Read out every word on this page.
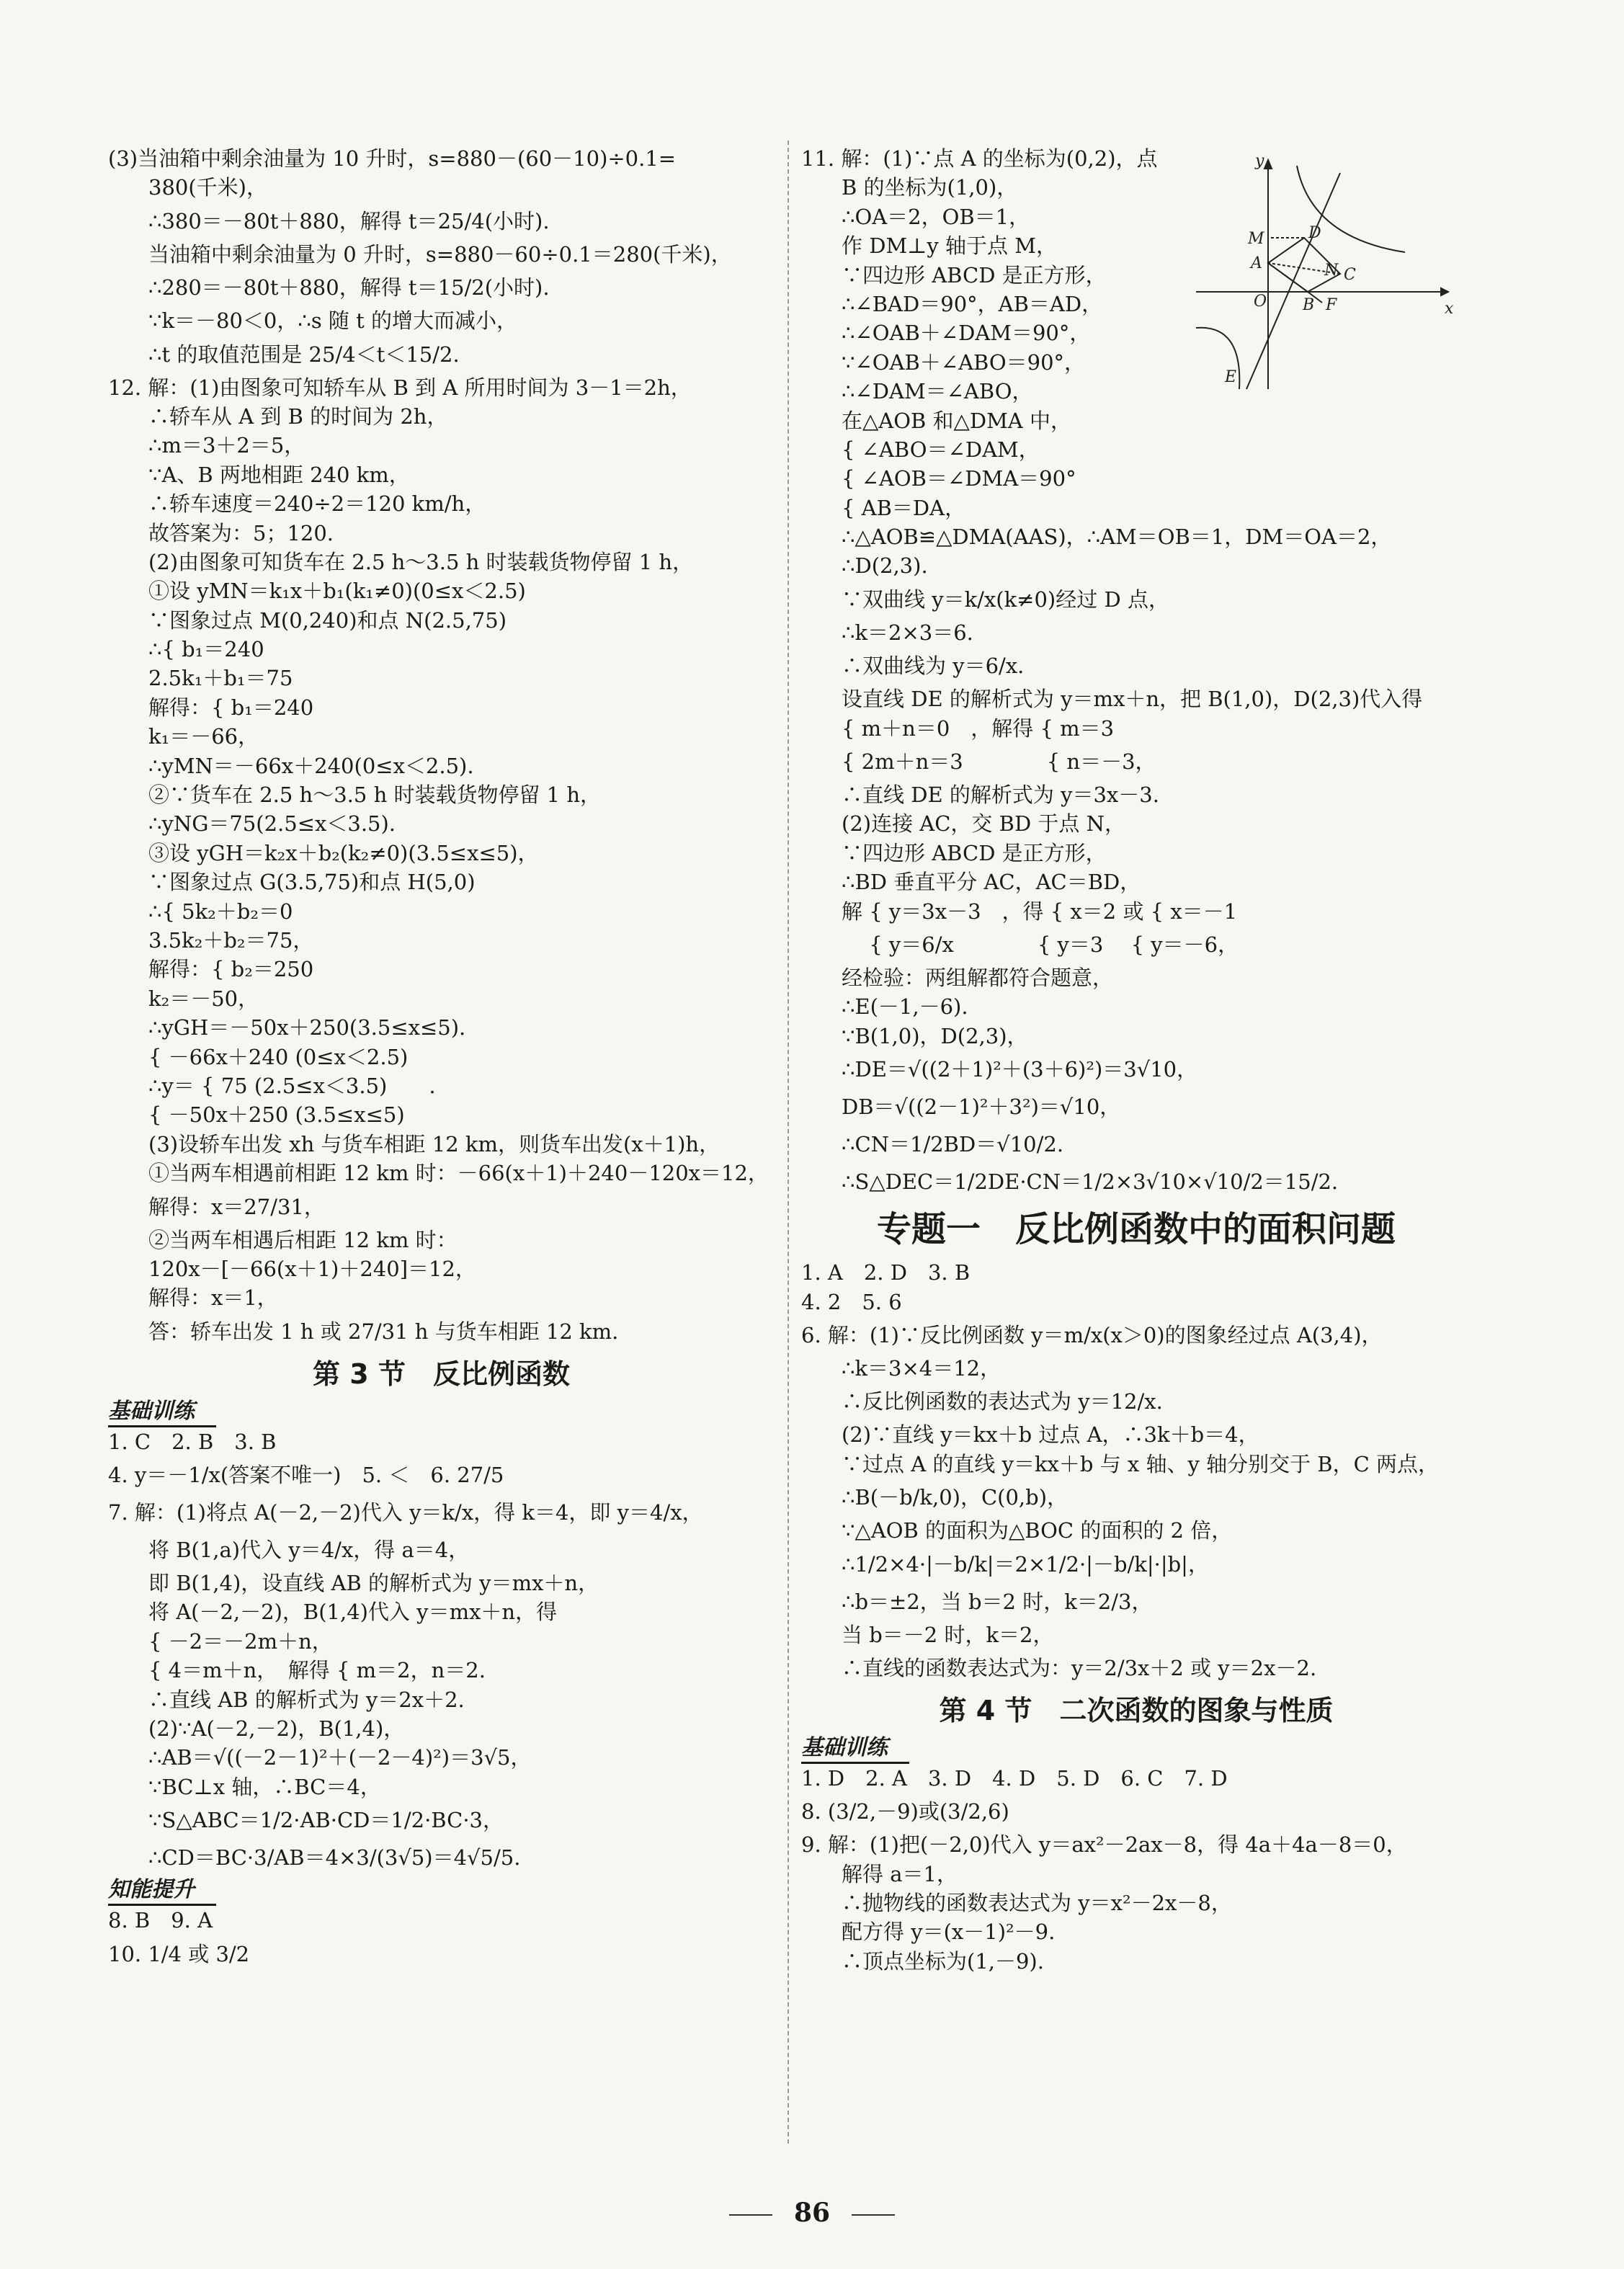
(3)当油箱中剩余油量为 10 升时，s=880－(60－10)÷0.1=
380(千米)，
∴380＝－80t＋880，解得 t＝25/4(小时).
当油箱中剩余油量为 0 升时，s=880－60÷0.1＝280(千米)，
∴280＝－80t＋880，解得 t＝15/2(小时).
∵k＝－80＜0，∴s 随 t 的增大而减小，
∴t 的取值范围是 25/4＜t＜15/2.
12. 解：(1)由图象可知轿车从 B 到 A 所用时间为 3－1＝2h，
∴轿车从 A 到 B 的时间为 2h，
∴m＝3＋2＝5，
∵A、B 两地相距 240 km，
∴轿车速度＝240÷2＝120 km/h，
故答案为：5；120.
(2)由图象可知货车在 2.5 h～3.5 h 时装载货物停留 1 h，
①设 yMN＝k₁x＋b₁(k₁≠0)(0≤x＜2.5)
∵图象过点 M(0,240)和点 N(2.5,75)
∴{ b₁＝240
2.5k₁＋b₁＝75
解得：{ b₁＝240
k₁＝－66，
∴yMN＝－66x＋240(0≤x＜2.5).
②∵货车在 2.5 h～3.5 h 时装载货物停留 1 h，
∴yNG＝75(2.5≤x＜3.5).
③设 yGH＝k₂x＋b₂(k₂≠0)(3.5≤x≤5)，
∵图象过点 G(3.5,75)和点 H(5,0)
∴{ 5k₂＋b₂＝0
3.5k₂＋b₂＝75，
解得：{ b₂＝250
k₂＝－50，
∴yGH＝－50x＋250(3.5≤x≤5).
{ －66x＋240 (0≤x＜2.5)
∴y＝ { 75 (2.5≤x＜3.5)　　.
{ －50x＋250 (3.5≤x≤5)
(3)设轿车出发 xh 与货车相距 12 km，则货车出发(x＋1)h，
①当两车相遇前相距 12 km 时：－66(x＋1)＋240－120x＝12，
解得：x＝27/31，
②当两车相遇后相距 12 km 时：
120x－[－66(x＋1)＋240]＝12，
解得：x＝1，
答：轿车出发 1 h 或 27/31 h 与货车相距 12 km.
第 3 节　反比例函数
基础训练
1. C　2. B　3. B
4. y＝－1/x(答案不唯一)　5. ＜　6. 27/5
7. 解：(1)将点 A(－2,－2)代入 y＝k/x，得 k＝4，即 y＝4/x，
将 B(1,a)代入 y＝4/x，得 a＝4，
即 B(1,4)，设直线 AB 的解析式为 y＝mx＋n，
将 A(－2,－2)，B(1,4)代入 y＝mx＋n，得
{ －2＝－2m＋n，
{ 4＝m＋n，　解得 { m＝2，n＝2.
∴直线 AB 的解析式为 y＝2x＋2.
(2)∵A(－2,－2)，B(1,4)，
∴AB＝√((－2－1)²＋(－2－4)²)＝3√5，
∵BC⊥x 轴，∴BC＝4，
∵S△ABC＝1/2·AB·CD＝1/2·BC·3，
∴CD＝BC·3/AB＝4×3/(3√5)＝4√5/5.
知能提升
8. B　9. A
10. 1/4 或 3/2
11. 解：(1)∵点 A 的坐标为(0,2)，点
B 的坐标为(1,0)，
∴OA＝2，OB＝1，
作 DM⊥y 轴于点 M，
∵四边形 ABCD 是正方形，
∴∠BAD＝90°，AB＝AD，
∴∠OAB＋∠DAM＝90°，
∵∠OAB＋∠ABO＝90°，
∴∠DAM＝∠ABO，
在△AOB 和△DMA 中，
{ ∠ABO＝∠DAM，
{ ∠AOB＝∠DMA＝90°
{ AB＝DA，
∴△AOB≌△DMA(AAS)，∴AM＝OB＝1，DM＝OA＝2，
∴D(2,3).
∵双曲线 y＝k/x(k≠0)经过 D 点，
∴k＝2×3＝6.
∴双曲线为 y＝6/x.
设直线 DE 的解析式为 y＝mx＋n，把 B(1,0)，D(2,3)代入得
{ m＋n＝0　，解得 { m＝3
{ 2m＋n＝3　　　　{ n＝－3，
∴直线 DE 的解析式为 y＝3x－3.
(2)连接 AC，交 BD 于点 N，
∵四边形 ABCD 是正方形，
∴BD 垂直平分 AC，AC＝BD，
解 { y＝3x－3　，得 { x＝2 或 { x＝－1
　 { y＝6/x　　　　{ y＝3　 { y＝－6，
经检验：两组解都符合题意，
∴E(－1,－6).
∵B(1,0)，D(2,3)，
∴DE＝√((2＋1)²＋(3＋6)²)＝3√10，
DB＝√((2－1)²＋3²)＝√10，
∴CN＝1/2BD＝√10/2.
∴S△DEC＝1/2DE·CN＝1/2×3√10×√10/2＝15/2.
专题一　反比例函数中的面积问题
1. A　2. D　3. B
4. 2　5. 6
6. 解：(1)∵反比例函数 y＝m/x(x＞0)的图象经过点 A(3,4)，
∴k＝3×4＝12，
∴反比例函数的表达式为 y＝12/x.
(2)∵直线 y＝kx＋b 过点 A，∴3k＋b＝4，
∵过点 A 的直线 y＝kx＋b 与 x 轴、y 轴分别交于 B，C 两点，
∴B(－b/k,0)，C(0,b)，
∵△AOB 的面积为△BOC 的面积的 2 倍，
∴1/2×4·|－b/k|＝2×1/2·|－b/k|·|b|，
∴b＝±2，当 b＝2 时，k＝2/3，
当 b＝－2 时，k＝2，
∴直线的函数表达式为：y＝2/3x＋2 或 y＝2x－2.
第 4 节　二次函数的图象与性质
基础训练
1. D　2. A　3. D　4. D　5. D　6. C　7. D
8. (3/2,－9)或(3/2,6)
9. 解：(1)把(－2,0)代入 y＝ax²－2ax－8，得 4a＋4a－8＝0，
解得 a＝1，
∴抛物线的函数表达式为 y＝x²－2x－8，
配方得 y＝(x－1)²－9.
∴顶点坐标为(1,－9).
y
x
M
A
D
N C
O B F
E
86
